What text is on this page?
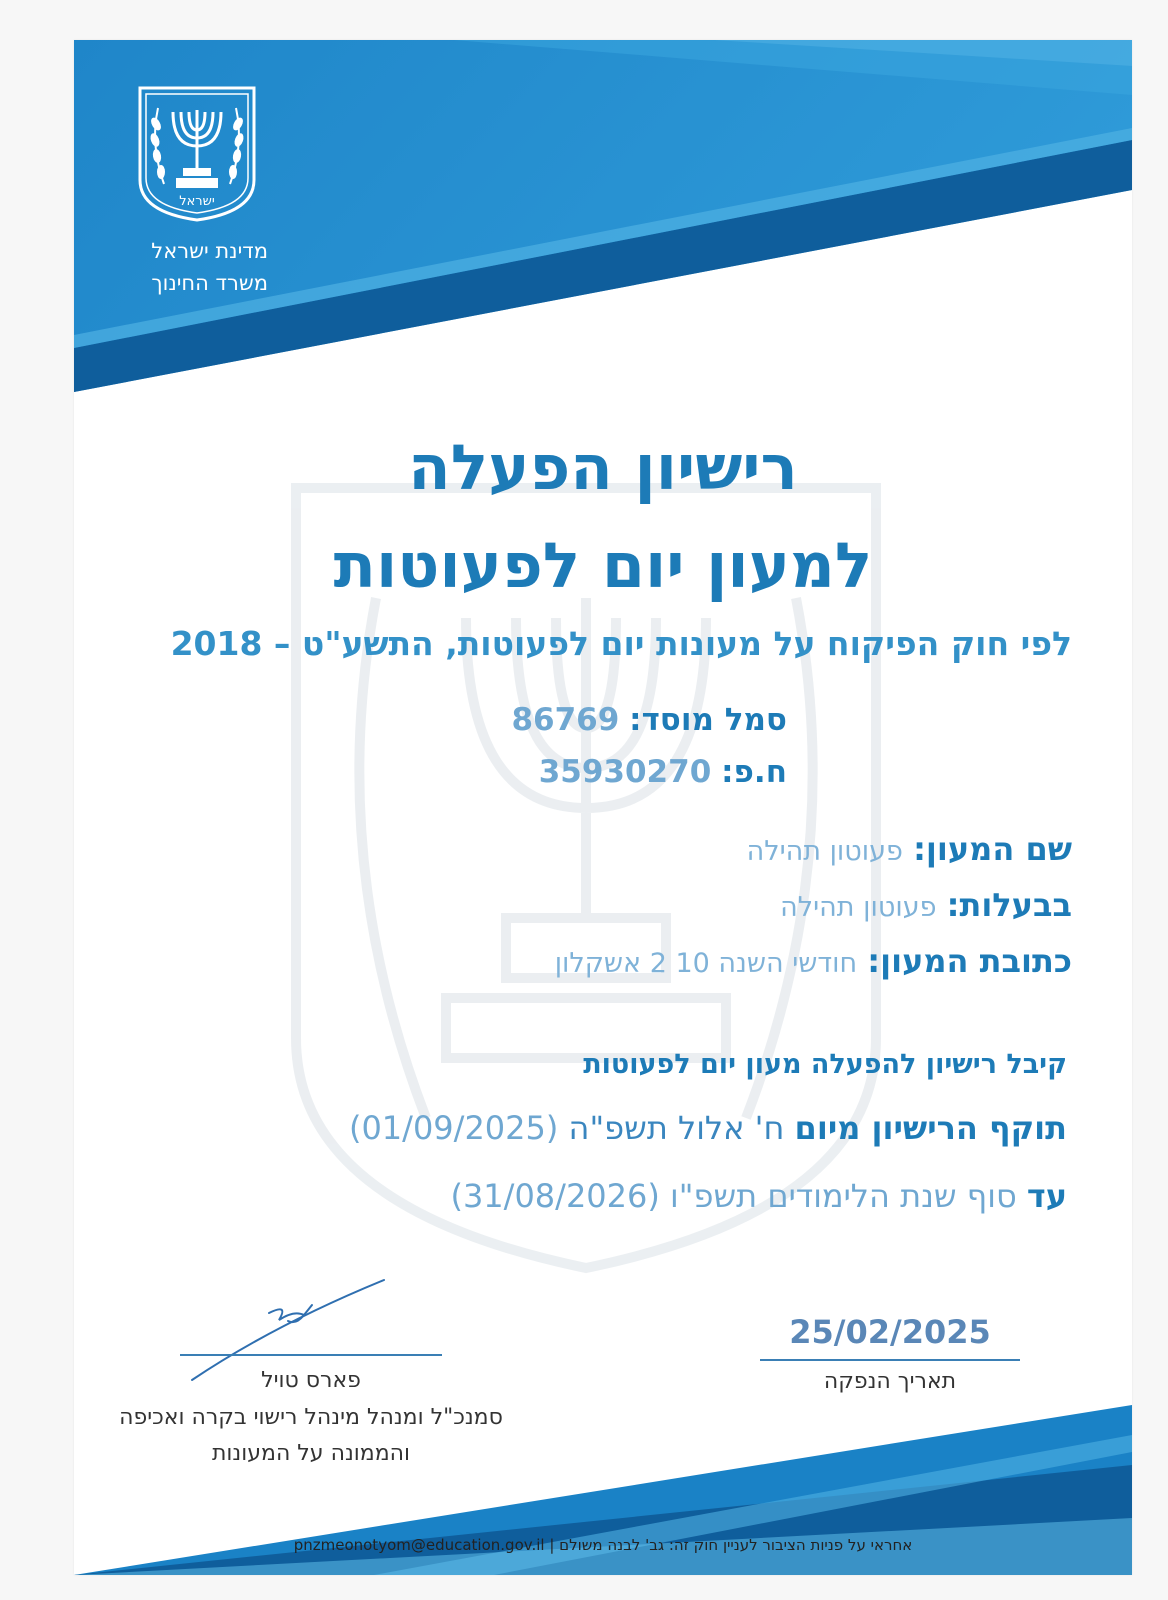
ישראל
מדינת ישראל
משרד החינוך
רישיון הפעלה
למעון יום לפעוטות
לפי חוק הפיקוח על מעונות יום לפעוטות, התשע"ט – 2018
סמל מוסד: 86769
ח.פ: 35930270
שם המעון: פעוטון תהילה
בבעלות: פעוטון תהילה
כתובת המעון: חודשי השנה 10 2 אשקלון
קיבל רישיון להפעלה מעון יום לפעוטות
תוקף הרישיון מיום ח' אלול תשפ"ה (01/09/2025)
עד סוף שנת הלימודים תשפ"ו (31/08/2026)
25/02/2025
תאריך הנפקה
פארס טויל
סמנכ"ל ומנהל מינהל רישוי בקרה ואכיפה
והממונה על המעונות
אחראי על פניות הציבור לעניין חוק זה: גב' לבנה משולם | pnzmeonotyom@education.gov.il
